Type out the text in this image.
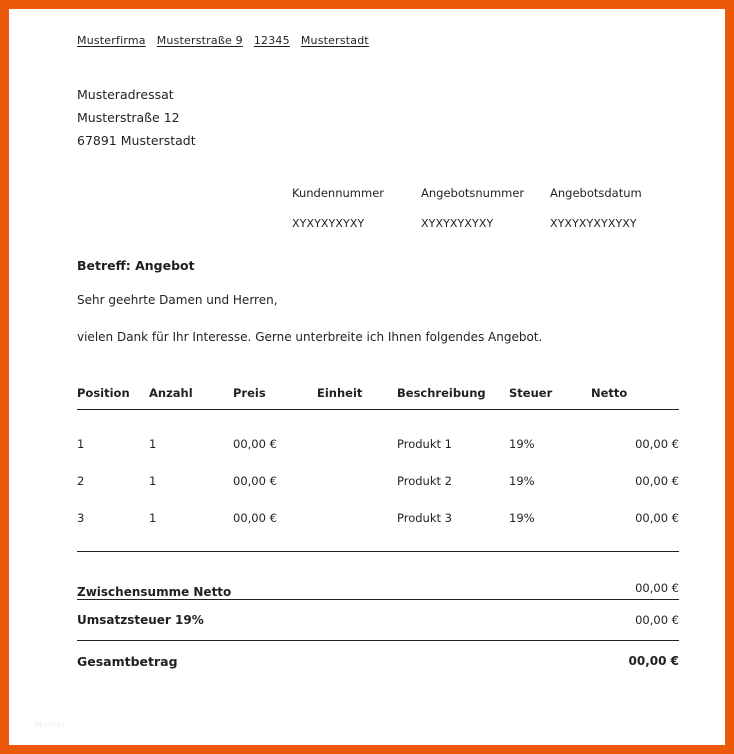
Musterfirma Musterstraße 9 12345 Musterstadt
Musteradressat
Musterstraße 12
67891 Musterstadt
Kundennummer
XYXYXYXYXY
Angebotsnummer
XYXYXYXYXY
Angebotsdatum
XYXYXYXYXYXY
Betreff: Angebot
Sehr geehrte Damen und Herren,
vielen Dank für Ihr Interesse. Gerne unterbreite ich Ihnen folgendes Angebot.
Position	Anzahl	Preis	Einheit	Beschreibung	Steuer	Netto
1	1	00,00 €		Produkt 1	19%	00,00 €
2	1	00,00 €		Produkt 2	19%	00,00 €
3	1	00,00 €		Produkt 3	19%	00,00 €
Zwischensumme Netto	00,00 €
Umsatzsteuer 19%	00,00 €
Gesamtbetrag	00,00 €
Muster
